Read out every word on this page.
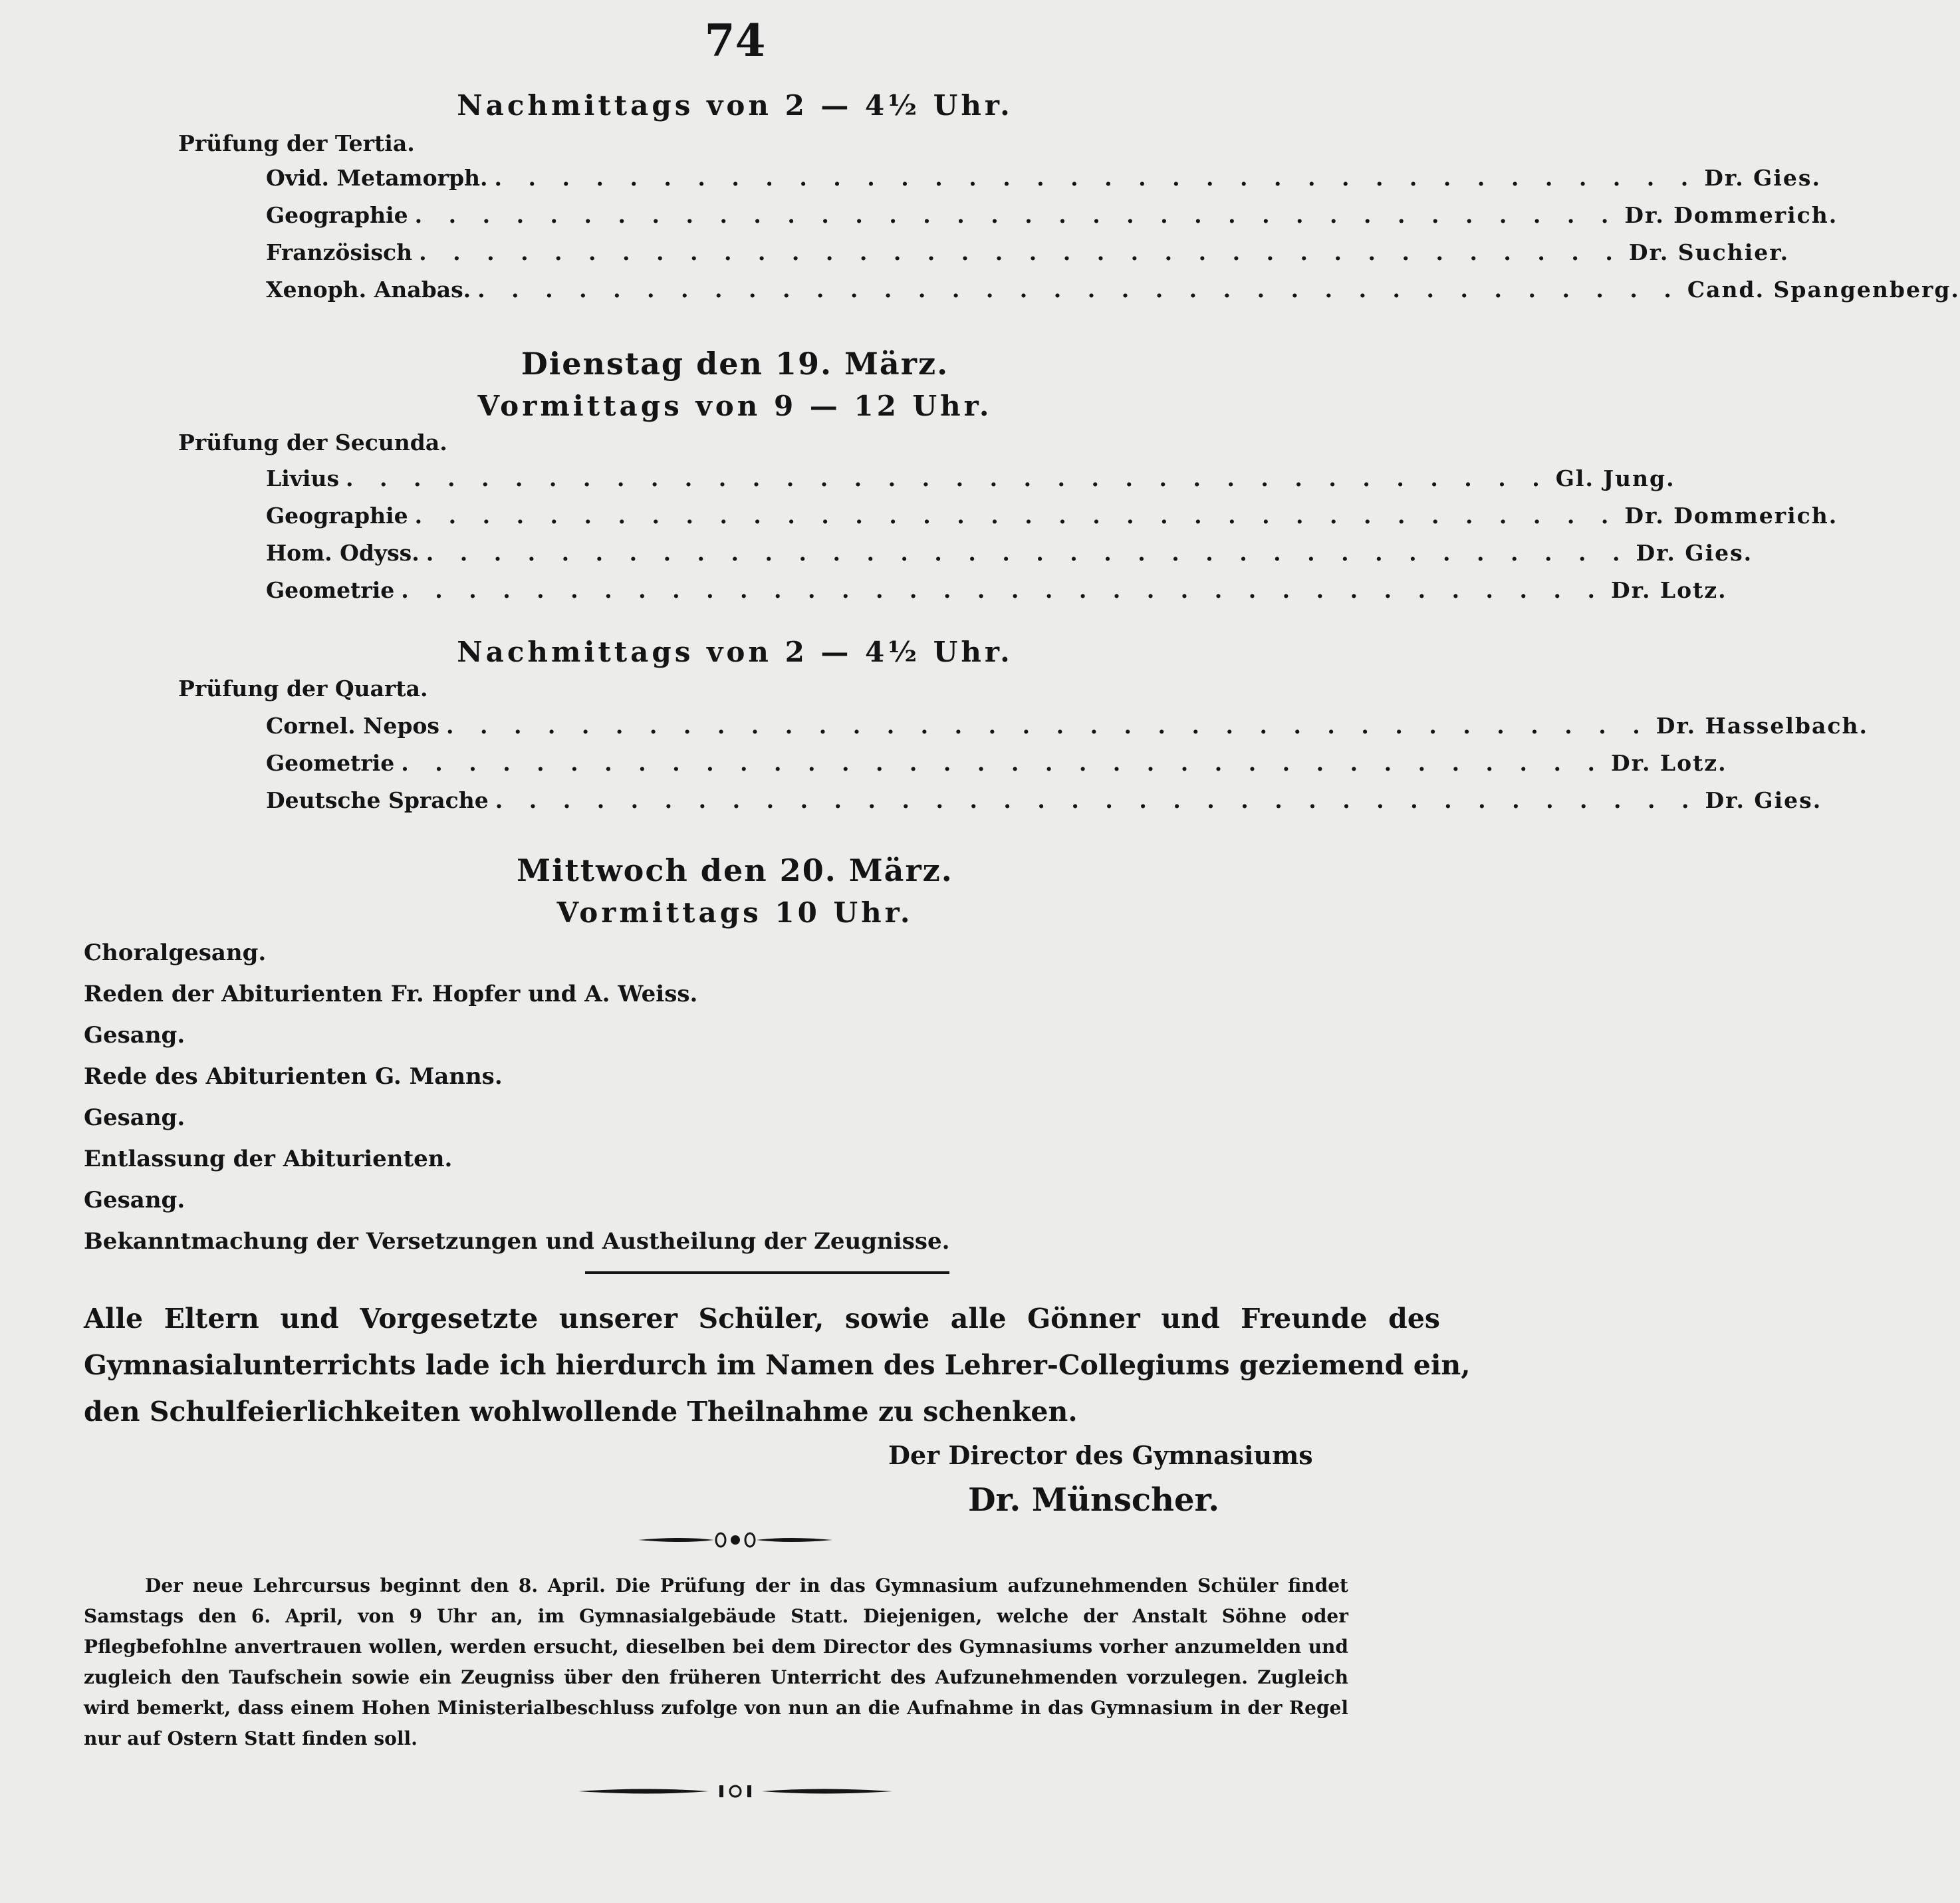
74
Nachmittags von 2 — 4½ Uhr.
Prüfung der Tertia.
Ovid. Metamorph. . . . . . . . . . . . . . . . . . . . . . . . . . . . . . . . . . . . . Dr. Gies.
Geographie . . . . . . . . . . . . . . . . . . . . . . . . . . . . . . . . . . . . Dr. Dommerich.
Französisch . . . . . . . . . . . . . . . . . . . . . . . . . . . . . . . . . . . . Dr. Suchier.
Xenoph. Anabas. . . . . . . . . . . . . . . . . . . . . . . . . . . . . . . . . . . . . Cand. Spangenberg.
Dienstag den 19. März.
Vormittags von 9 — 12 Uhr.
Prüfung der Secunda.
Livius . . . . . . . . . . . . . . . . . . . . . . . . . . . . . . . . . . . . Gl. Jung.
Geographie . . . . . . . . . . . . . . . . . . . . . . . . . . . . . . . . . . . . Dr. Dommerich.
Hom. Odyss. . . . . . . . . . . . . . . . . . . . . . . . . . . . . . . . . . . . . Dr. Gies.
Geometrie . . . . . . . . . . . . . . . . . . . . . . . . . . . . . . . . . . . . Dr. Lotz.
Nachmittags von 2 — 4½ Uhr.
Prüfung der Quarta.
Cornel. Nepos . . . . . . . . . . . . . . . . . . . . . . . . . . . . . . . . . . . . Dr. Hasselbach.
Geometrie . . . . . . . . . . . . . . . . . . . . . . . . . . . . . . . . . . . . Dr. Lotz.
Deutsche Sprache . . . . . . . . . . . . . . . . . . . . . . . . . . . . . . . . . . . . Dr. Gies.
Mittwoch den 20. März.
Vormittags 10 Uhr.
Choralgesang.
Reden der Abiturienten Fr. Hopfer und A. Weiss.
Gesang.
Rede des Abiturienten G. Manns.
Gesang.
Entlassung der Abiturienten.
Gesang.
Bekanntmachung der Versetzungen und Austheilung der Zeugnisse.
Alle Eltern und Vorgesetzte unserer Schüler, sowie alle Gönner und Freunde des
Gymnasialunterrichts lade ich hierdurch im Namen des Lehrer-Collegiums geziemend ein,
den Schulfeierlichkeiten wohlwollende Theilnahme zu schenken.
Der Director des Gymnasiums
Dr. Münscher.
Der neue Lehrcursus beginnt den 8. April. Die Prüfung der in das Gymnasium aufzunehmenden Schüler findet Samstags den 6. April, von 9 Uhr an, im Gymnasialgebäude Statt. Diejenigen, welche der Anstalt Söhne oder Pflegbefohlne anvertrauen wollen, werden ersucht, dieselben bei dem Director des Gymnasiums vorher anzumelden und zugleich den Taufschein sowie ein Zeugniss über den früheren Unterricht des Aufzunehmenden vorzulegen. Zugleich wird bemerkt, dass einem Hohen Ministerialbeschluss zufolge von nun an die Aufnahme in das Gymnasium in der Regel nur auf Ostern Statt finden soll.
